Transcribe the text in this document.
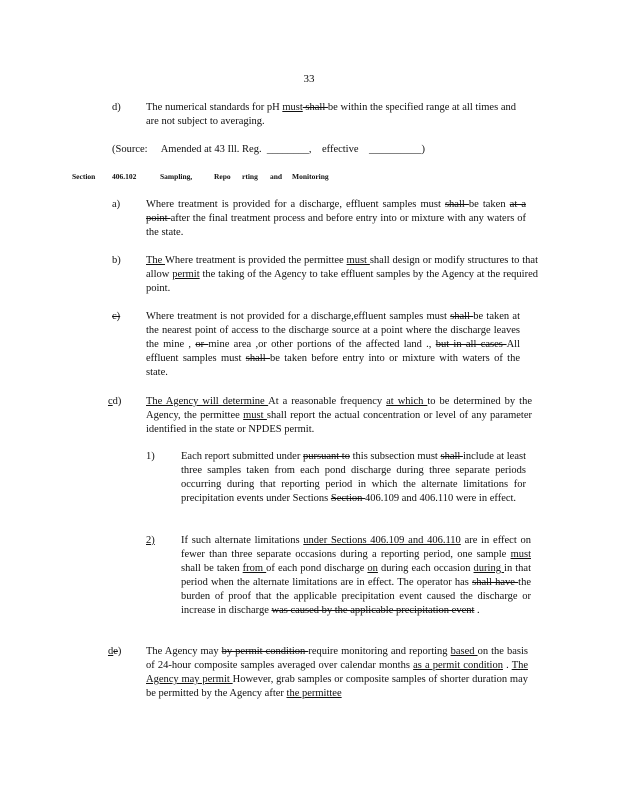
33
d) The numerical standards for pH must shall be within the specified range at all times and are not subject to averaging.
(Source: Amended at 43 Ill. Reg. ________, effective __________)
Section 406.102	Sampling,	Repo rting and Monitoring
a) Where treatment is provided for a discharge, effluent samples must shall be taken at a point after the final treatment process and before entry into or mixture with any waters of the state.
b) The Where treatment is provided the permittee must shall design or modify structures to that allow permit the taking of the Agency to take effluent samples by the Agency at the required point.
c) Where treatment is not provided for a discharge,effluent samples must shall be taken at the nearest point of access to the discharge source at a point where the discharge leaves the mine , or mine area ,or other portions of the affected land ., but in all cases All effluent samples must shall be taken before entry into or mixture with waters of the state.
cd) The Agency will determine At a reasonable frequency at which to be determined by the Agency, the permittee must shall report the actual concentration or level of any parameter identified in the state or NPDES permit.
1)	Each report submitted under pursuant to this subsection must shall include at least three samples taken from each pond discharge during three separate periods occurring during that reporting period in which the alternate limitations for precipitation events under Sections Section 406.109 and 406.110 were in effect.
2)	If such alternate limitations under Sections 406.109 and 406.110 are in effect on fewer than three separate occasions during a reporting period, one sample must shall be taken from of each pond discharge on during each occasion during in that period when the alternate limitations are in effect. The operator has shall have the burden of proof that the applicable precipitation event caused the discharge or increase in discharge was caused by the applicable precipitation event .
de) The Agency may by permit condition require monitoring and reporting based on the basis of 24-hour composite samples averaged over calendar months as a permit condition . The Agency may permit However, grab samples or composite samples of shorter duration may be permitted by the Agency after the permittee
